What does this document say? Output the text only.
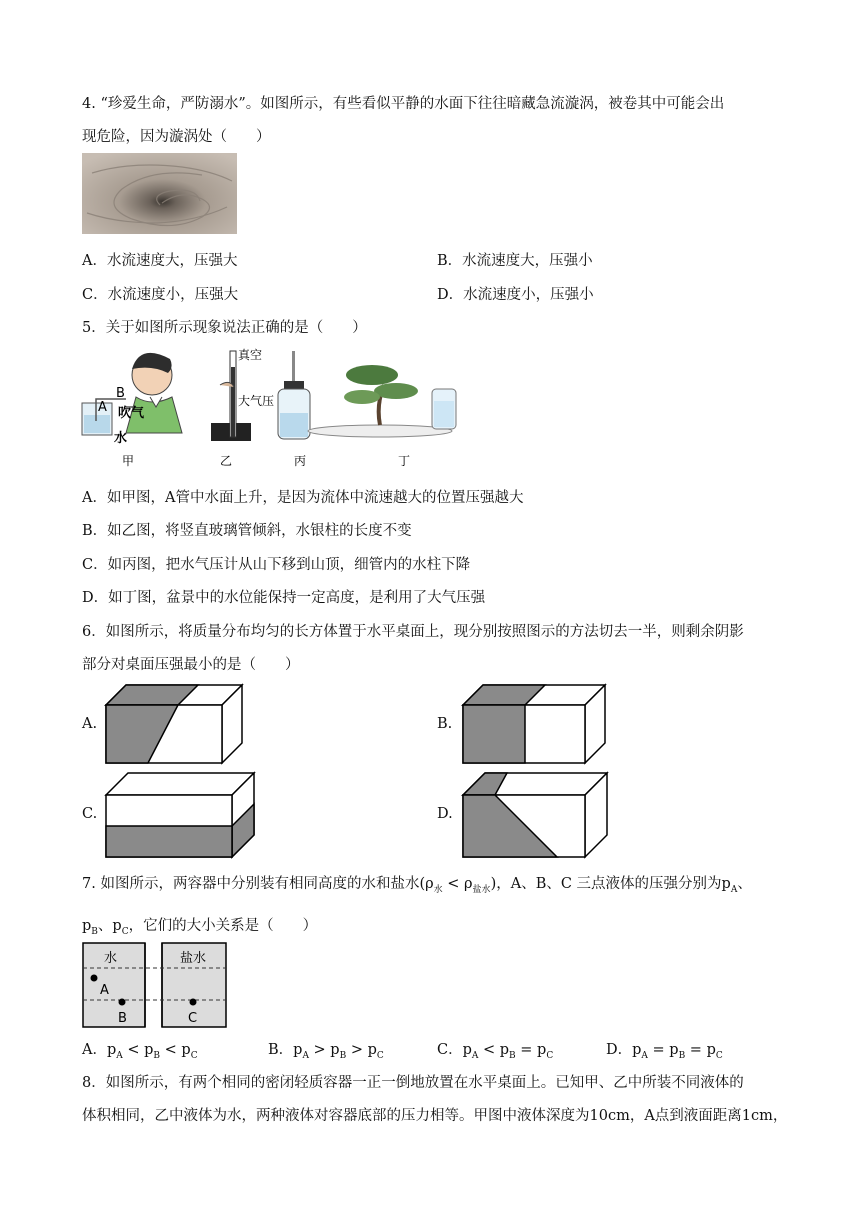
4. “珍爱生命，严防溺水”。如图所示，有些看似平静的水面下往往暗藏急流漩涡，被卷其中可能会出
现危险，因为漩涡处（　　）
A．水流速度大，压强大	B．水流速度大，压强小
C．水流速度小，压强大	D．水流速度小，压强小
5．关于如图所示现象说法正确的是（　　）
B
A 吹气
水
甲
真空
大气压
乙	丙	丁
A．如甲图，A管中水面上升，是因为流体中流速越大的位置压强越大
B．如乙图，将竖直玻璃管倾斜，水银柱的长度不变
C．如丙图，把水气压计从山下移到山顶，细管内的水柱下降
D．如丁图，盆景中的水位能保持一定高度，是利用了大气压强
6．如图所示，将质量分布均匀的长方体置于水平桌面上，现分别按照图示的方法切去一半，则剩余阴影
部分对桌面压强最小的是（　　）
A.	B.
C.	D.
7. 如图所示，两容器中分别装有相同高度的水和盐水$(\rho_水 < \rho_{盐水})$，A、B、C 三点液体的压强分别为$p_A$、
$p_B$、$p_C$，它们的大小关系是（　　）
水	盐水
A
B	C
A．$p_A < p_B < p_C$	B．$p_A > p_B > p_C$	C．$p_A < p_B = p_C$	D．$p_A = p_B = p_C$
8．如图所示，有两个相同的密闭轻质容器一正一倒地放置在水平桌面上。已知甲、乙中所装不同液体的
体积相同，乙中液体为水，两种液体对容器底部的压力相等。甲图中液体深度为10cm，A点到液面距离1cm，
